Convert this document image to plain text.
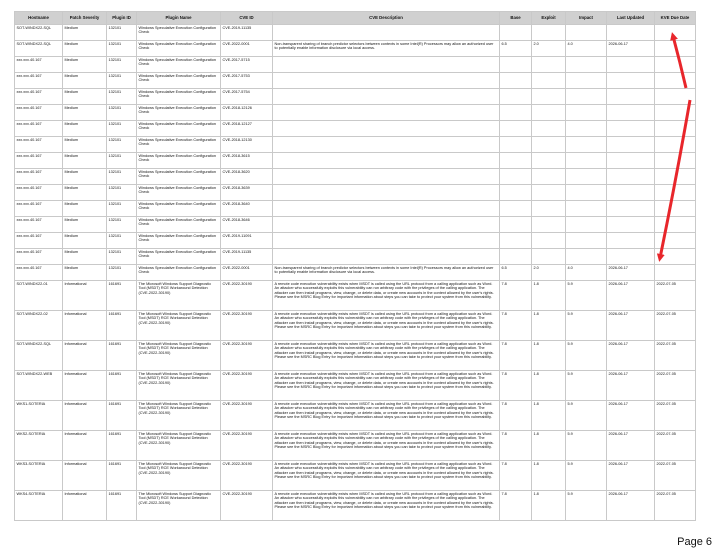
Hostname	Patch Severity	Plugin ID	Plugin Name	CVE ID	CVE Description	Base	Exploit	Impact	Last Updated	KVE Due Date
SOT-WINDX22-SQL	Medium	132101	Windows Speculative Execution Configuration Check	CVE-2019-11135						
SOT-WINDX22-SQL	Medium	132101	Windows Speculative Execution Configuration Check	CVE-2022-0001	Non-transparent sharing of branch predictor selectors between contexts in some Intel(R) Processors may allow an authorized user to potentially enable information disclosure via local access.	6.5	2.0	4.0	2026-06-17	
xxx.xxx.40.167	Medium	132101	Windows Speculative Execution Configuration Check	CVE-2017-5715						
xxx.xxx.40.167	Medium	132101	Windows Speculative Execution Configuration Check	CVE-2017-5753						
xxx.xxx.40.167	Medium	132101	Windows Speculative Execution Configuration Check	CVE-2017-5754						
xxx.xxx.40.167	Medium	132101	Windows Speculative Execution Configuration Check	CVE-2018-12126						
xxx.xxx.40.167	Medium	132101	Windows Speculative Execution Configuration Check	CVE-2018-12127						
xxx.xxx.40.167	Medium	132101	Windows Speculative Execution Configuration Check	CVE-2018-12130						
xxx.xxx.40.167	Medium	132101	Windows Speculative Execution Configuration Check	CVE-2018-3615						
xxx.xxx.40.167	Medium	132101	Windows Speculative Execution Configuration Check	CVE-2018-3620						
xxx.xxx.40.167	Medium	132101	Windows Speculative Execution Configuration Check	CVE-2018-3639						
xxx.xxx.40.167	Medium	132101	Windows Speculative Execution Configuration Check	CVE-2018-3640						
xxx.xxx.40.167	Medium	132101	Windows Speculative Execution Configuration Check	CVE-2018-3646						
xxx.xxx.40.167	Medium	132101	Windows Speculative Execution Configuration Check	CVE-2019-11091						
xxx.xxx.40.167	Medium	132101	Windows Speculative Execution Configuration Check	CVE-2019-11135						
xxx.xxx.40.167	Medium	132101	Windows Speculative Execution Configuration Check	CVE-2022-0001	Non-transparent sharing of branch predictor selectors between contexts in some Intel(R) Processors may allow an authorized user to potentially enable information disclosure via local access.	6.5	2.0	4.0	2026-06-17	
SOT-WINDX22-01	Informational	161691	The Microsoft Windows Support Diagnostic Tool (MSDT) RCE Workaround Detection (CVE-2022-30190)	CVE-2022-30190	A remote code execution vulnerability exists when MSDT is called using the URL protocol from a calling application such as Word. An attacker who successfully exploits this vulnerability can run arbitrary code with the privileges of the calling application. The attacker can then install programs, view, change, or delete data, or create new accounts in the context allowed by the user's rights. Please see the MSRC Blog Entry for important information about steps you can take to protect your system from this vulnerability.	7.8	1.8	5.9	2026-06-17	2022-07-05
SOT-WINDX22-02	Informational	161691	The Microsoft Windows Support Diagnostic Tool (MSDT) RCE Workaround Detection (CVE-2022-30190)	CVE-2022-30190	A remote code execution vulnerability exists when MSDT is called using the URL protocol from a calling application such as Word. An attacker who successfully exploits this vulnerability can run arbitrary code with the privileges of the calling application. The attacker can then install programs, view, change, or delete data, or create new accounts in the context allowed by the user's rights. Please see the MSRC Blog Entry for important information about steps you can take to protect your system from this vulnerability.	7.8	1.8	5.9	2026-06-17	2022-07-05
SOT-WINDX22-SQL	Informational	161691	The Microsoft Windows Support Diagnostic Tool (MSDT) RCE Workaround Detection (CVE-2022-30190)	CVE-2022-30190	A remote code execution vulnerability exists when MSDT is called using the URL protocol from a calling application such as Word. An attacker who successfully exploits this vulnerability can run arbitrary code with the privileges of the calling application. The attacker can then install programs, view, change, or delete data, or create new accounts in the context allowed by the user's rights. Please see the MSRC Blog Entry for important information about steps you can take to protect your system from this vulnerability.	7.8	1.8	5.9	2026-06-17	2022-07-05
SOT-WINDX22-WEB	Informational	161691	The Microsoft Windows Support Diagnostic Tool (MSDT) RCE Workaround Detection (CVE-2022-30190)	CVE-2022-30190	A remote code execution vulnerability exists when MSDT is called using the URL protocol from a calling application such as Word. An attacker who successfully exploits this vulnerability can run arbitrary code with the privileges of the calling application. The attacker can then install programs, view, change, or delete data, or create new accounts in the context allowed by the user's rights. Please see the MSRC Blog Entry for important information about steps you can take to protect your system from this vulnerability.	7.8	1.8	5.9	2026-06-17	2022-07-05
WKS1-SOTERIA	Informational	161691	The Microsoft Windows Support Diagnostic Tool (MSDT) RCE Workaround Detection (CVE-2022-30190)	CVE-2022-30190	A remote code execution vulnerability exists when MSDT is called using the URL protocol from a calling application such as Word. An attacker who successfully exploits this vulnerability can run arbitrary code with the privileges of the calling application. The attacker can then install programs, view, change, or delete data, or create new accounts in the context allowed by the user's rights. Please see the MSRC Blog Entry for important information about steps you can take to protect your system from this vulnerability.	7.8	1.8	5.9	2026-06-17	2022-07-05
WKS2-SOTERIA	Informational	161691	The Microsoft Windows Support Diagnostic Tool (MSDT) RCE Workaround Detection (CVE-2022-30190)	CVE-2022-30190	A remote code execution vulnerability exists when MSDT is called using the URL protocol from a calling application such as Word. An attacker who successfully exploits this vulnerability can run arbitrary code with the privileges of the calling application. The attacker can then install programs, view, change, or delete data, or create new accounts in the context allowed by the user's rights. Please see the MSRC Blog Entry for important information about steps you can take to protect your system from this vulnerability.	7.8	1.8	5.9	2026-06-17	2022-07-05
WKS3-SOTERIA	Informational	161691	The Microsoft Windows Support Diagnostic Tool (MSDT) RCE Workaround Detection (CVE-2022-30190)	CVE-2022-30190	A remote code execution vulnerability exists when MSDT is called using the URL protocol from a calling application such as Word. An attacker who successfully exploits this vulnerability can run arbitrary code with the privileges of the calling application. The attacker can then install programs, view, change, or delete data, or create new accounts in the context allowed by the user's rights. Please see the MSRC Blog Entry for important information about steps you can take to protect your system from this vulnerability.	7.8	1.8	5.9	2026-06-17	2022-07-05
WKS4-SOTERIA	Informational	161691	The Microsoft Windows Support Diagnostic Tool (MSDT) RCE Workaround Detection (CVE-2022-30190)	CVE-2022-30190	A remote code execution vulnerability exists when MSDT is called using the URL protocol from a calling application such as Word. An attacker who successfully exploits this vulnerability can run arbitrary code with the privileges of the calling application. The attacker can then install programs, view, change, or delete data, or create new accounts in the context allowed by the user's rights. Please see the MSRC Blog Entry for important information about steps you can take to protect your system from this vulnerability.	7.8	1.8	5.9	2026-06-17	2022-07-05
Page 6
